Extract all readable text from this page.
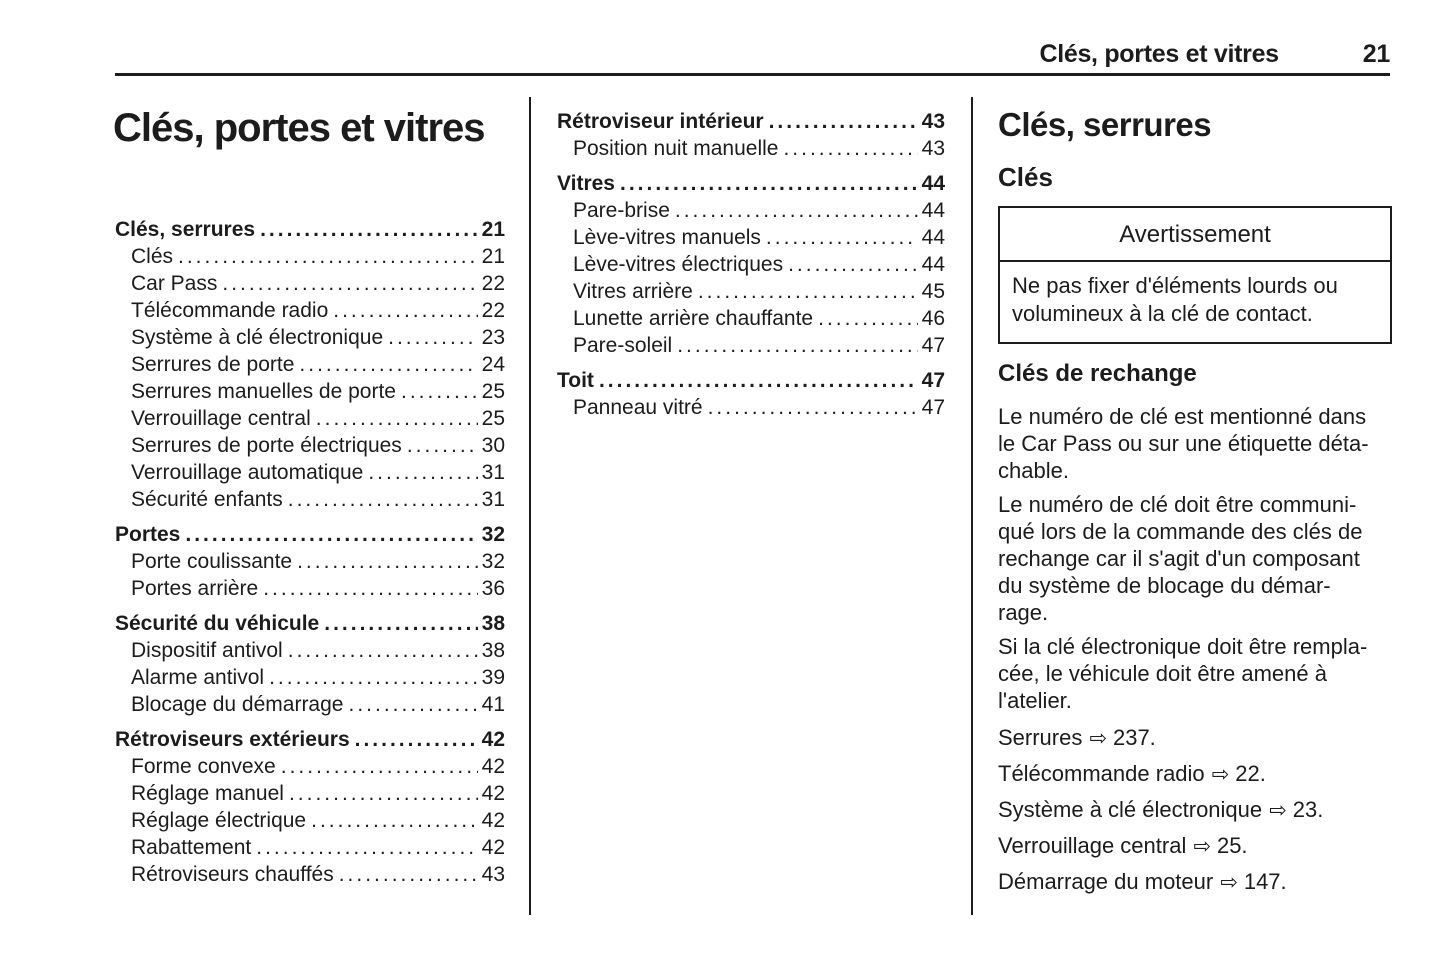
Clés, portes et vitres	21
Clés, portes et vitres
Clés, serrures .....	21
Clés .....	21
Car Pass .....	22
Télécommande radio .....	22
Système à clé électronique .....	23
Serrures de porte .....	24
Serrures manuelles de porte .....	25
Verrouillage central .....	25
Serrures de porte électriques .....	30
Verrouillage automatique .....	31
Sécurité enfants .....	31
Portes .....	32
Porte coulissante .....	32
Portes arrière .....	36
Sécurité du véhicule .....	38
Dispositif antivol .....	38
Alarme antivol .....	39
Blocage du démarrage .....	41
Rétroviseurs extérieurs .....	42
Forme convexe .....	42
Réglage manuel .....	42
Réglage électrique .....	42
Rabattement .....	42
Rétroviseurs chauffés .....	43
Rétroviseur intérieur .....	43
Position nuit manuelle .....	43
Vitres .....	44
Pare-brise .....	44
Lève-vitres manuels .....	44
Lève-vitres électriques .....	44
Vitres arrière .....	45
Lunette arrière chauffante .....	46
Pare-soleil .....	47
Toit .....	47
Panneau vitré .....	47
Clés, serrures
Clés
Avertissement
Ne pas fixer d'éléments lourds ou
volumineux à la clé de contact.
Clés de rechange
Le numéro de clé est mentionné dans
le Car Pass ou sur une étiquette déta-
chable.
Le numéro de clé doit être communi-
qué lors de la commande des clés de
rechange car il s'agit d'un composant
du système de blocage du démar-
rage.
Si la clé électronique doit être rempla-
cée, le véhicule doit être amené à
l'atelier.
Serrures ⇨ 237.
Télécommande radio ⇨ 22.
Système à clé électronique ⇨ 23.
Verrouillage central ⇨ 25.
Démarrage du moteur ⇨ 147.
